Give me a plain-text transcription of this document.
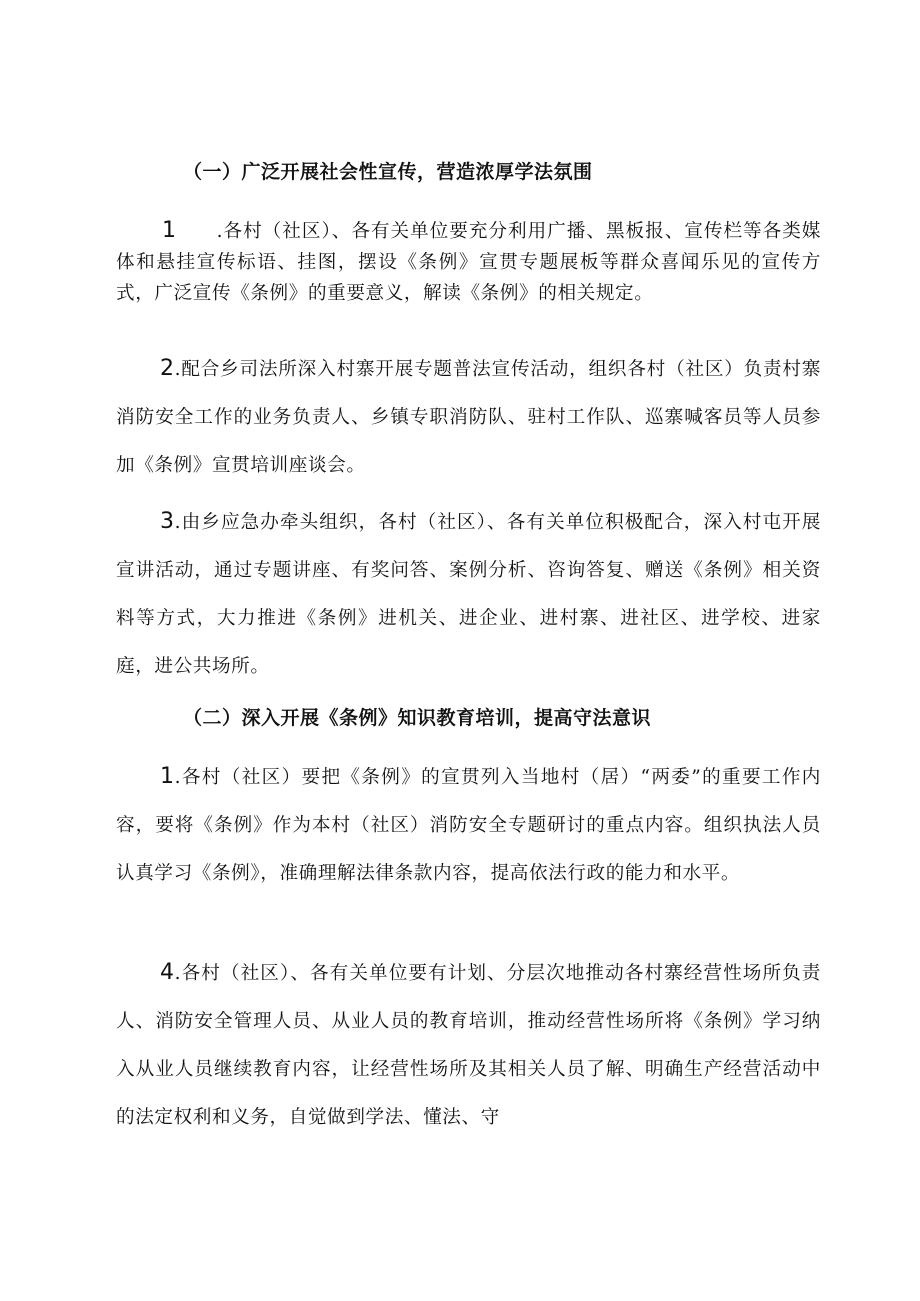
（一）广泛开展社会性宣传，营造浓厚学法氛围
1 .各村（社区）、各有关单位要充分利用广播、黑板报、宣传栏等各类媒体和悬挂宣传标语、挂图，摆设《条例》宣贯专题展板等群众喜闻乐见的宣传方式，广泛宣传《条例》的重要意义，解读《条例》的相关规定。
2.配合乡司法所深入村寨开展专题普法宣传活动，组织各村（社区）负责村寨消防安全工作的业务负责人、乡镇专职消防队、驻村工作队、巡寨喊客员等人员参加《条例》宣贯培训座谈会。
3.由乡应急办牵头组织，各村（社区）、各有关单位积极配合，深入村屯开展宣讲活动，通过专题讲座、有奖问答、案例分析、咨询答复、赠送《条例》相关资料等方式，大力推进《条例》进机关、进企业、进村寨、进社区、进学校、进家庭，进公共场所。
（二）深入开展《条例》知识教育培训，提高守法意识
1.各村（社区）要把《条例》的宣贯列入当地村（居）“两委”的重要工作内容，要将《条例》作为本村（社区）消防安全专题研讨的重点内容。组织执法人员认真学习《条例》，准确理解法律条款内容，提高依法行政的能力和水平。
4.各村（社区）、各有关单位要有计划、分层次地推动各村寨经营性场所负责人、消防安全管理人员、从业人员的教育培训，推动经营性场所将《条例》学习纳入从业人员继续教育内容，让经营性场所及其相关人员了解、明确生产经营活动中的法定权利和义务，自觉做到学法、懂法、守
